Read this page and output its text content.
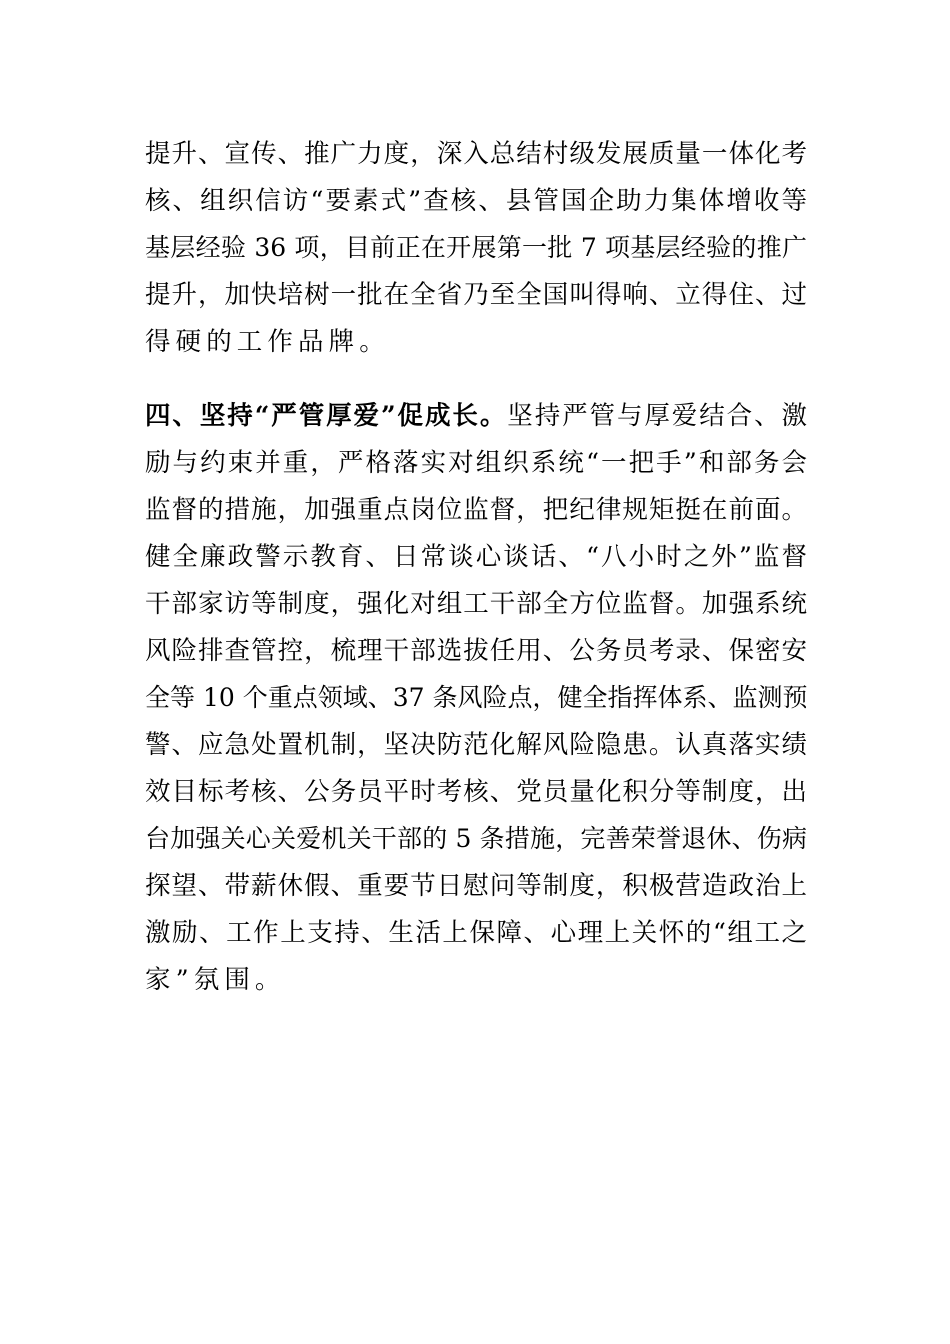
提升、宣传、推广力度，深入总结村级发展质量一体化考
核、组织信访“要素式”查核、县管国企助力集体增收等
基层经验 36 项，目前正在开展第一批 7 项基层经验的推广
提升，加快培树一批在全省乃至全国叫得响、立得住、过
得硬的工作品牌。
四、坚持“严管厚爱”促成长。坚持严管与厚爱结合、激
励与约束并重，严格落实对组织系统“一把手”和部务会
监督的措施，加强重点岗位监督，把纪律规矩挺在前面。
健全廉政警示教育、日常谈心谈话、“八小时之外”监督
干部家访等制度，强化对组工干部全方位监督。加强系统
风险排查管控，梳理干部选拔任用、公务员考录、保密安
全等 10 个重点领域、37 条风险点，健全指挥体系、监测预
警、应急处置机制，坚决防范化解风险隐患。认真落实绩
效目标考核、公务员平时考核、党员量化积分等制度，出
台加强关心关爱机关干部的 5 条措施，完善荣誉退休、伤病
探望、带薪休假、重要节日慰问等制度，积极营造政治上
激励、工作上支持、生活上保障、心理上关怀的“组工之
家”氛围。
